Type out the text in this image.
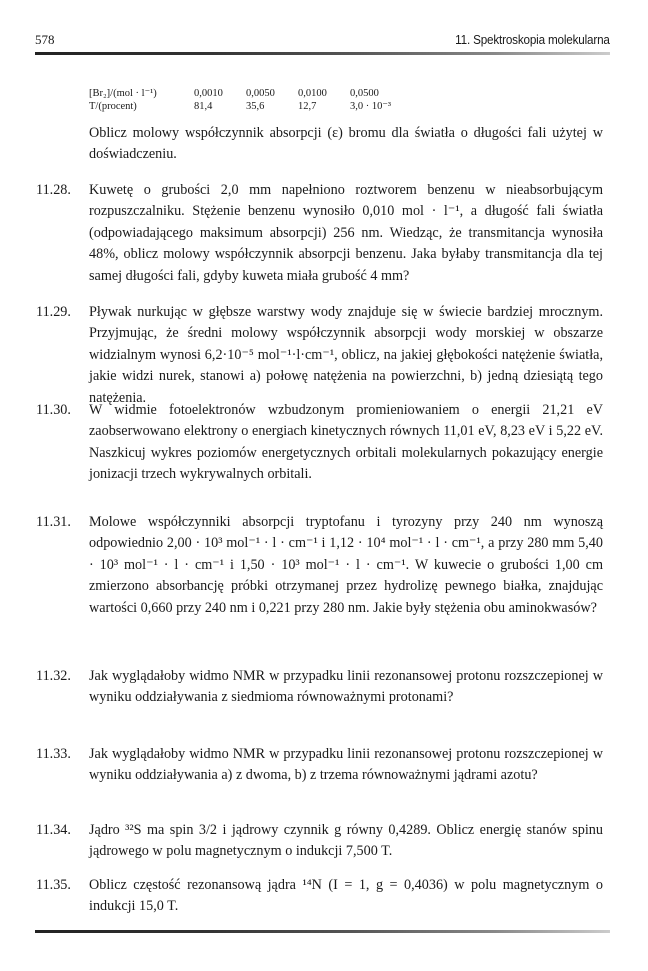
578	11. Spektroskopia molekularna
[Br₂]/(mol · l⁻¹)	0,0010	0,0050	0,0100	0,0500
T/(procent)	81,4	35,6	12,7	3,0 · 10⁻³
Oblicz molowy współczynnik absorpcji (ε) bromu dla światła o długości fali użytej w doświadczeniu.
11.28.	Kuwetę o grubości 2,0 mm napełniono roztworem benzenu w nieabsorbującym rozpuszczalniku. Stężenie benzenu wynosiło 0,010 mol · l⁻¹, a długość fali światła (odpowiadającego maksimum absorpcji) 256 nm. Wiedząc, że transmitancja wynosiła 48%, oblicz molowy współczynnik absorpcji benzenu. Jaka byłaby transmitancja dla tej samej długości fali, gdyby kuweta miała grubość 4 mm?
11.29.	Pływak nurkując w głębsze warstwy wody znajduje się w świecie bardziej mrocznym. Przyjmując, że średni molowy współczynnik absorpcji wody morskiej w obszarze widzialnym wynosi 6,2·10⁻⁵ mol⁻¹·l·cm⁻¹, oblicz, na jakiej głębokości natężenie światła, jakie widzi nurek, stanowi a) połowę natężenia na powierzchni, b) jedną dziesiątą tego natężenia.
11.30.	W widmie fotoelektronów wzbudzonym promieniowaniem o energii 21,21 eV zaobserwowano elektrony o energiach kinetycznych równych 11,01 eV, 8,23 eV i 5,22 eV. Naszkicuj wykres poziomów energetycznych orbitali molekularnych pokazujący energie jonizacji trzech wykrywalnych orbitali.
11.31.	Molowe współczynniki absorpcji tryptofanu i tyrozyny przy 240 nm wynoszą odpowiednio 2,00 · 10³ mol⁻¹ · l · cm⁻¹ i 1,12 · 10⁴ mol⁻¹ · l · cm⁻¹, a przy 280 mm 5,40 · 10³ mol⁻¹ · l · cm⁻¹ i 1,50 · 10³ mol⁻¹ · l · cm⁻¹. W kuwecie o grubości 1,00 cm zmierzono absorbancję próbki otrzymanej przez hydrolizę pewnego białka, znajdując wartości 0,660 przy 240 nm i 0,221 przy 280 nm. Jakie były stężenia obu aminokwasów?
11.32.	Jak wyglądałoby widmo NMR w przypadku linii rezonansowej protonu rozszczepionej w wyniku oddziaływania z siedmioma równoważnymi protonami?
11.33.	Jak wyglądałoby widmo NMR w przypadku linii rezonansowej protonu rozszczepionej w wyniku oddziaływania a) z dwoma, b) z trzema równoważnymi jądrami azotu?
11.34.	Jądro ³²S ma spin 3/2 i jądrowy czynnik g równy 0,4289. Oblicz energię stanów spinu jądrowego w polu magnetycznym o indukcji 7,500 T.
11.35.	Oblicz częstość rezonansową jądra ¹⁴N (I = 1, g = 0,4036) w polu magnetycznym o indukcji 15,0 T.
